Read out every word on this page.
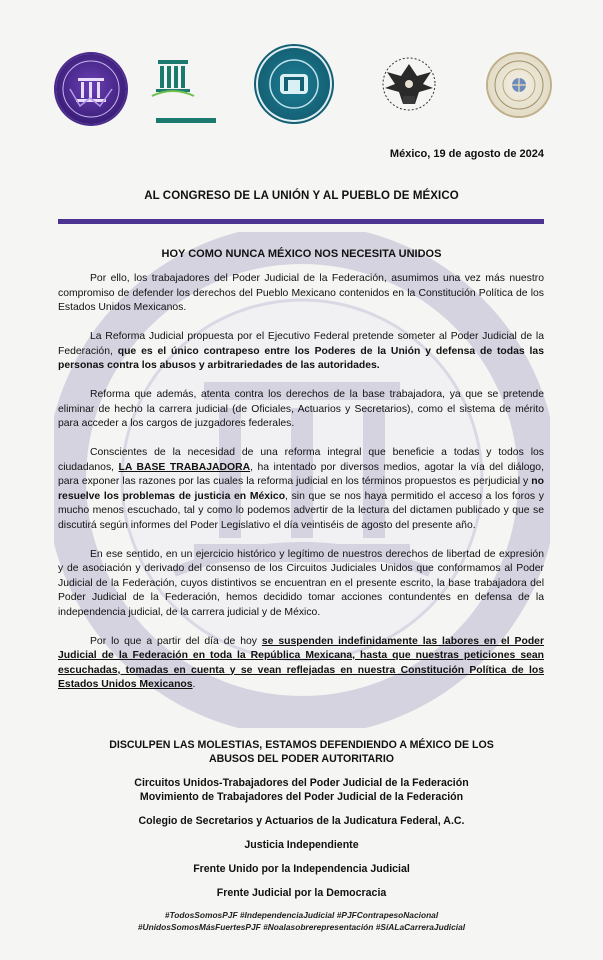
México, 19 de agosto de 2024
AL CONGRESO DE LA UNIÓN Y AL PUEBLO DE MÉXICO
HOY COMO NUNCA MÉXICO NOS NECESITA UNIDOS

Por ello, los trabajadores del Poder Judicial de la Federación, asumimos una vez más nuestro compromiso de defender los derechos del Pueblo Mexicano contenidos en la Constitución Política de los Estados Unidos Mexicanos.

La Reforma Judicial propuesta por el Ejecutivo Federal pretende someter al Poder Judicial de la Federación, que es el único contrapeso entre los Poderes de la Unión y defensa de todas las personas contra los abusos y arbitrariedades de las autoridades.

Reforma que además, atenta contra los derechos de la base trabajadora, ya que se pretende eliminar de hecho la carrera judicial (de Oficiales, Actuarios y Secretarios), como el sistema de mérito para acceder a los cargos de juzgadores federales.

Conscientes de la necesidad de una reforma integral que beneficie a todas y todos los ciudadanos, LA BASE TRABAJADORA, ha intentado por diversos medios, agotar la vía del diálogo, para exponer las razones por las cuales la reforma judicial en los términos propuestos es perjudicial y no resuelve los problemas de justicia en México, sin que se nos haya permitido el acceso a los foros y mucho menos escuchado, tal y como lo podemos advertir de la lectura del dictamen publicado y que se discutirá según informes del Poder Legislativo el día veintiséis de agosto del presente año.

En ese sentido, en un ejercicio histórico y legítimo de nuestros derechos de libertad de expresión y de asociación y derivado del consenso de los Circuitos Judiciales Unidos que conformamos al Poder Judicial de la Federación, cuyos distintivos se encuentran en el presente escrito, la base trabajadora del Poder Judicial de la Federación, hemos decidido tomar acciones contundentes en defensa de la independencia judicial, de la carrera judicial y de México.

Por lo que a partir del día de hoy se suspenden indefinidamente las labores en el Poder Judicial de la Federación en toda la República Mexicana, hasta que nuestras peticiones sean escuchadas, tomadas en cuenta y se vean reflejadas en nuestra Constitución Política de los Estados Unidos Mexicanos.

DISCULPEN LAS MOLESTIAS, ESTAMOS DEFENDIENDO A MÉXICO DE LOS ABUSOS DEL PODER AUTORITARIO
Circuitos Unidos-Trabajadores del Poder Judicial de la Federación
Movimiento de Trabajadores del Poder Judicial de la Federación
Colegio de Secretarios y Actuarios de la Judicatura Federal, A.C.
Justicia Independiente
Frente Unido por la Independencia Judicial
Frente Judicial por la Democracia
#TodosSomosPJF #IndependenciaJudicial #PJFContrapesoNacional
#UnidosSomosMásFuertesPJF #Noalasobrerepresentación #SíALaCarreraJudicial
